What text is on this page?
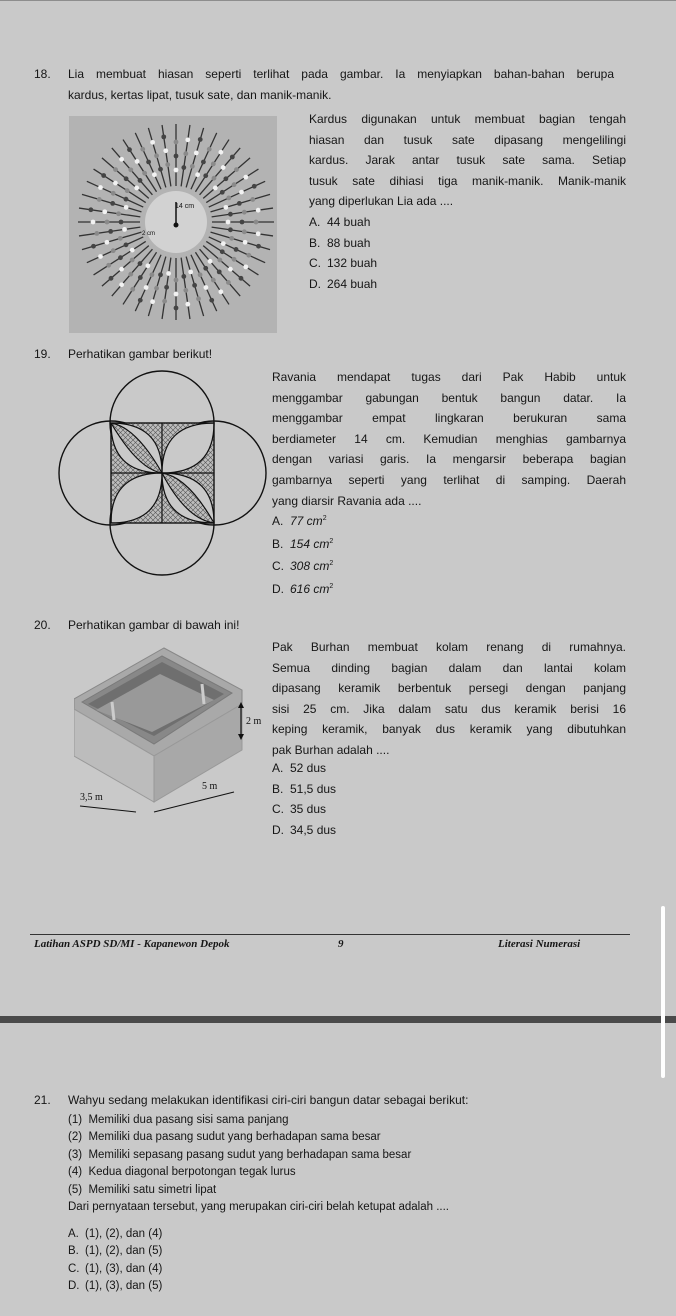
18. Lia membuat hiasan seperti terlihat pada gambar. Ia menyiapkan bahan-bahan berupa
kardus, kertas lipat, tusuk sate, dan manik-manik.
14 cm
2 cm
Kardus digunakan untuk membuat bagian tengah
hiasan dan tusuk sate dipasang mengelilingi
kardus. Jarak antar tusuk sate sama. Setiap
tusuk sate dihiasi tiga manik-manik. Manik-manik
yang diperlukan Lia ada ....
A. 44 buah
B. 88 buah
C. 132 buah
D. 264 buah
19. Perhatikan gambar berikut!
Ravania mendapat tugas dari Pak Habib untuk
menggambar gabungan bentuk bangun datar. Ia
menggambar empat lingkaran berukuran sama
berdiameter 14 cm. Kemudian menghias gambarnya
dengan variasi garis. Ia mengarsir beberapa bagian
gambarnya seperti yang terlihat di samping. Daerah
yang diarsir Ravania ada ....
A. 77 $cm^2$
B. 154 $cm^2$
C. 308 $cm^2$
D. 616 $cm^2$
20. Perhatikan gambar di bawah ini!
2 m
3,5 m
5 m
Pak Burhan membuat kolam renang di rumahnya.
Semua dinding bagian dalam dan lantai kolam
dipasang keramik berbentuk persegi dengan panjang
sisi 25 cm. Jika dalam satu dus keramik berisi 16
keping keramik, banyak dus keramik yang dibutuhkan
pak Burhan adalah ....
A. 52 dus
B. 51,5 dus
C. 35 dus
D. 34,5 dus
Latihan ASPD SD/MI - Kapanewon Depok	9	Literasi Numerasi
21. Wahyu sedang melakukan identifikasi ciri-ciri bangun datar sebagai berikut:
(1)  Memiliki dua pasang sisi sama panjang
(2)  Memiliki dua pasang sudut yang berhadapan sama besar
(3)  Memiliki sepasang pasang sudut yang berhadapan sama besar
(4)  Kedua diagonal berpotongan tegak lurus
(5)  Memiliki satu simetri lipat
Dari pernyataan tersebut, yang merupakan ciri-ciri belah ketupat adalah ....
A. (1), (2), dan (4)
B. (1), (2), dan (5)
C. (1), (3), dan (4)
D. (1), (3), dan (5)
